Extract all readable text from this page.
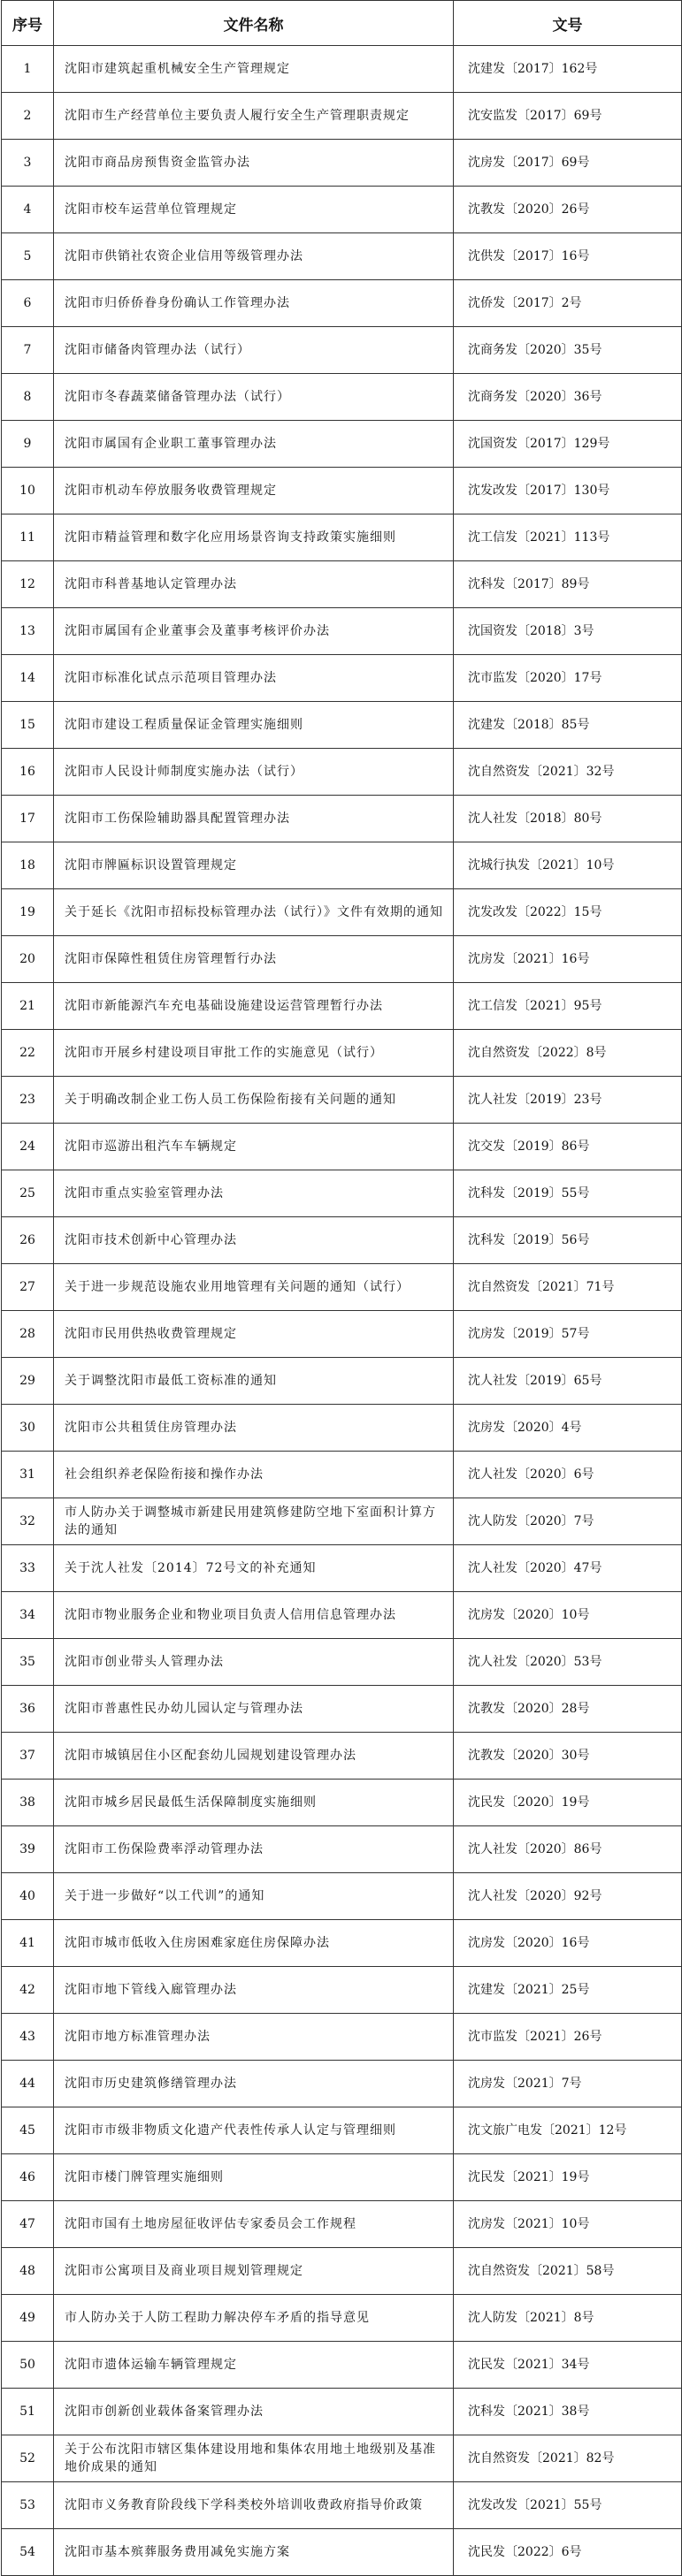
序号	文件名称	文号
1	沈阳市建筑起重机械安全生产管理规定	沈建发〔2017〕162号
2	沈阳市生产经营单位主要负责人履行安全生产管理职责规定	沈安监发〔2017〕69号
3	沈阳市商品房预售资金监管办法	沈房发〔2017〕69号
4	沈阳市校车运营单位管理规定	沈教发〔2020〕26号
5	沈阳市供销社农资企业信用等级管理办法	沈供发〔2017〕16号
6	沈阳市归侨侨眷身份确认工作管理办法	沈侨发〔2017〕2号
7	沈阳市储备肉管理办法（试行）	沈商务发〔2020〕35号
8	沈阳市冬春蔬菜储备管理办法（试行）	沈商务发〔2020〕36号
9	沈阳市属国有企业职工董事管理办法	沈国资发〔2017〕129号
10	沈阳市机动车停放服务收费管理规定	沈发改发〔2017〕130号
11	沈阳市精益管理和数字化应用场景咨询支持政策实施细则	沈工信发〔2021〕113号
12	沈阳市科普基地认定管理办法	沈科发〔2017〕89号
13	沈阳市属国有企业董事会及董事考核评价办法	沈国资发〔2018〕3号
14	沈阳市标准化试点示范项目管理办法	沈市监发〔2020〕17号
15	沈阳市建设工程质量保证金管理实施细则	沈建发〔2018〕85号
16	沈阳市人民设计师制度实施办法（试行）	沈自然资发〔2021〕32号
17	沈阳市工伤保险辅助器具配置管理办法	沈人社发〔2018〕80号
18	沈阳市牌匾标识设置管理规定	沈城行执发〔2021〕10号
19	关于延长《沈阳市招标投标管理办法（试行）》文件有效期的通知	沈发改发〔2022〕15号
20	沈阳市保障性租赁住房管理暂行办法	沈房发〔2021〕16号
21	沈阳市新能源汽车充电基础设施建设运营管理暂行办法	沈工信发〔2021〕95号
22	沈阳市开展乡村建设项目审批工作的实施意见（试行）	沈自然资发〔2022〕8号
23	关于明确改制企业工伤人员工伤保险衔接有关问题的通知	沈人社发〔2019〕23号
24	沈阳市巡游出租汽车车辆规定	沈交发〔2019〕86号
25	沈阳市重点实验室管理办法	沈科发〔2019〕55号
26	沈阳市技术创新中心管理办法	沈科发〔2019〕56号
27	关于进一步规范设施农业用地管理有关问题的通知（试行）	沈自然资发〔2021〕71号
28	沈阳市民用供热收费管理规定	沈房发〔2019〕57号
29	关于调整沈阳市最低工资标准的通知	沈人社发〔2019〕65号
30	沈阳市公共租赁住房管理办法	沈房发〔2020〕4号
31	社会组织养老保险衔接和操作办法	沈人社发〔2020〕6号
32	市人防办关于调整城市新建民用建筑修建防空地下室面积计算方法的通知	沈人防发〔2020〕7号
33	关于沈人社发〔2014〕72号文的补充通知	沈人社发〔2020〕47号
34	沈阳市物业服务企业和物业项目负责人信用信息管理办法	沈房发〔2020〕10号
35	沈阳市创业带头人管理办法	沈人社发〔2020〕53号
36	沈阳市普惠性民办幼儿园认定与管理办法	沈教发〔2020〕28号
37	沈阳市城镇居住小区配套幼儿园规划建设管理办法	沈教发〔2020〕30号
38	沈阳市城乡居民最低生活保障制度实施细则	沈民发〔2020〕19号
39	沈阳市工伤保险费率浮动管理办法	沈人社发〔2020〕86号
40	关于进一步做好“以工代训”的通知	沈人社发〔2020〕92号
41	沈阳市城市低收入住房困难家庭住房保障办法	沈房发〔2020〕16号
42	沈阳市地下管线入廊管理办法	沈建发〔2021〕25号
43	沈阳市地方标准管理办法	沈市监发〔2021〕26号
44	沈阳市历史建筑修缮管理办法	沈房发〔2021〕7号
45	沈阳市市级非物质文化遗产代表性传承人认定与管理细则	沈文旅广电发〔2021〕12号
46	沈阳市楼门牌管理实施细则	沈民发〔2021〕19号
47	沈阳市国有土地房屋征收评估专家委员会工作规程	沈房发〔2021〕10号
48	沈阳市公寓项目及商业项目规划管理规定	沈自然资发〔2021〕58号
49	市人防办关于人防工程助力解决停车矛盾的指导意见	沈人防发〔2021〕8号
50	沈阳市遗体运输车辆管理规定	沈民发〔2021〕34号
51	沈阳市创新创业载体备案管理办法	沈科发〔2021〕38号
52	关于公布沈阳市辖区集体建设用地和集体农用地土地级别及基准地价成果的通知	沈自然资发〔2021〕82号
53	沈阳市义务教育阶段线下学科类校外培训收费政府指导价政策	沈发改发〔2021〕55号
54	沈阳市基本殡葬服务费用减免实施方案	沈民发〔2022〕6号
